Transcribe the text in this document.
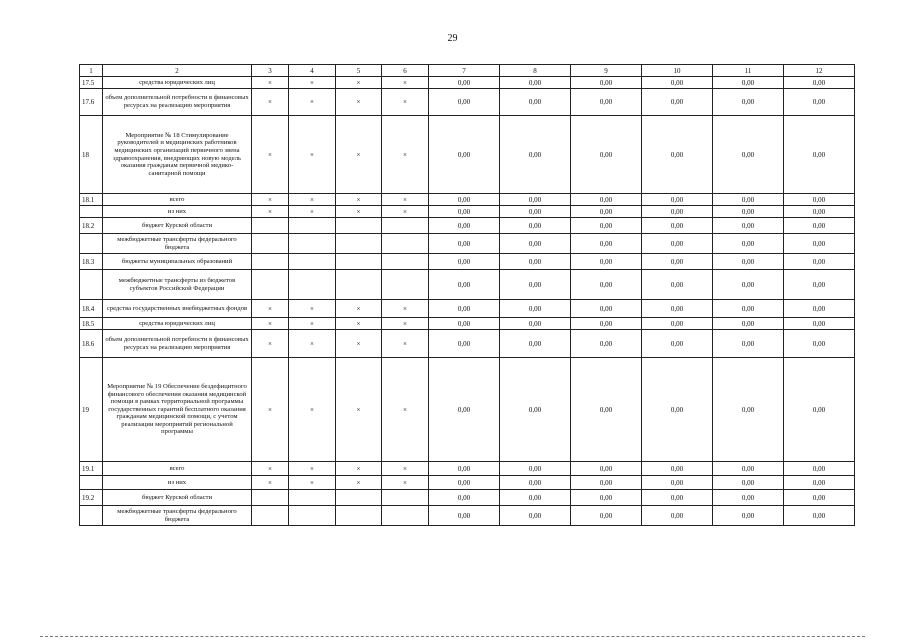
29
1	2	3	4	5	6	7	8	9	10	11	12
17.5	средства юридических лиц	×	×	×	×	0,00	0,00	0,00	0,00	0,00	0,00
17.6	объем дополнительной потребности в финансовых ресурсах на реализацию мероприятия	×	×	×	×	0,00	0,00	0,00	0,00	0,00	0,00
18	Мероприятие № 18 Стимулирование руководителей и медицинских работников медицинских организаций первичного звена здравоохранения, внедряющих новую модель оказания гражданам первичной медико-санитарной помощи	×	×	×	×	0,00	0,00	0,00	0,00	0,00	0,00
18.1	всего	×	×	×	×	0,00	0,00	0,00	0,00	0,00	0,00
	из них	×	×	×	×	0,00	0,00	0,00	0,00	0,00	0,00
18.2	бюджет Курской области					0,00	0,00	0,00	0,00	0,00	0,00
	межбюджетные трансферты федерального бюджета					0,00	0,00	0,00	0,00	0,00	0,00
18.3	бюджеты муниципальных образований					0,00	0,00	0,00	0,00	0,00	0,00
	межбюджетные трансферты из бюджетов субъектов Российской Федерации					0,00	0,00	0,00	0,00	0,00	0,00
18.4	средства государственных внебюджетных фондов	×	×	×	×	0,00	0,00	0,00	0,00	0,00	0,00
18.5	средства юридических лиц	×	×	×	×	0,00	0,00	0,00	0,00	0,00	0,00
18.6	объем дополнительной потребности в финансовых ресурсах на реализацию мероприятия	×	×	×	×	0,00	0,00	0,00	0,00	0,00	0,00
19	Мероприятие № 19 Обеспечение бездефицитного финансового обеспечения оказания медицинской помощи в рамках территориальной программы государственных гарантий бесплатного оказания гражданам медицинской помощи, с учетом реализации мероприятий региональной программы	×	×	×	×	0,00	0,00	0,00	0,00	0,00	0,00
19.1	всего	×	×	×	×	0,00	0,00	0,00	0,00	0,00	0,00
	из них	×	×	×	×	0,00	0,00	0,00	0,00	0,00	0,00
19.2	бюджет Курской области					0,00	0,00	0,00	0,00	0,00	0,00
	межбюджетные трансферты федерального бюджета					0,00	0,00	0,00	0,00	0,00	0,00
